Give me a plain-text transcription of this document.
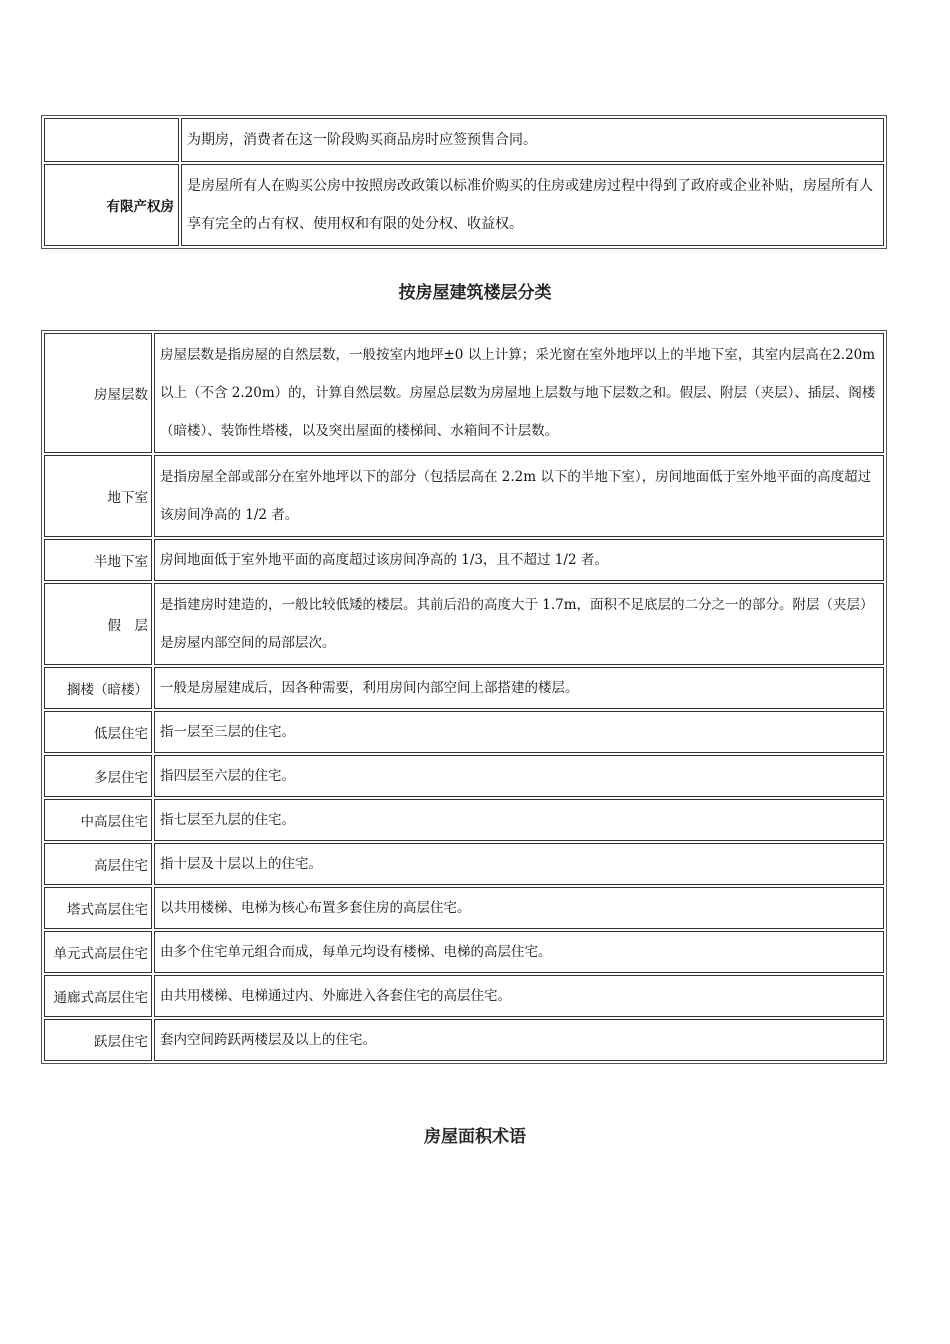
	为期房，消费者在这一阶段购买商品房时应签预售合同。
有限产权房	是房屋所有人在购买公房中按照房改政策以标准价购买的住房或建房过程中得到了政府或企业补贴，房屋所有人享有完全的占有权、使用权和有限的处分权、收益权。
按房屋建筑楼层分类
房屋层数	房屋层数是指房屋的自然层数，一般按室内地坪±0 以上计算；采光窗在室外地坪以上的半地下室，其室内层高在2.20m 以上（不含 2.20m）的，计算自然层数。房屋总层数为房屋地上层数与地下层数之和。假层、附层（夹层）、插层、阁楼（暗楼）、装饰性塔楼，以及突出屋面的楼梯间、水箱间不计层数。
地下室	是指房屋全部或部分在室外地坪以下的部分（包括层高在 2.2m 以下的半地下室），房间地面低于室外地平面的高度超过该房间净高的 1/2 者。
半地下室	房间地面低于室外地平面的高度超过该房间净高的 1/3，且不超过 1/2 者。
假　层	是指建房时建造的，一般比较低矮的楼层。其前后沿的高度大于 1.7m，面积不足底层的二分之一的部分。附层（夹层）是房屋内部空间的局部层次。
搁楼（暗楼）	一般是房屋建成后，因各种需要，利用房间内部空间上部搭建的楼层。
低层住宅	指一层至三层的住宅。
多层住宅	指四层至六层的住宅。
中高层住宅	指七层至九层的住宅。
高层住宅	指十层及十层以上的住宅。
塔式高层住宅	以共用楼梯、电梯为核心布置多套住房的高层住宅。
单元式高层住宅	由多个住宅单元组合而成，每单元均设有楼梯、电梯的高层住宅。
通廊式高层住宅	由共用楼梯、电梯通过内、外廊进入各套住宅的高层住宅。
跃层住宅	套内空间跨跃两楼层及以上的住宅。
房屋面积术语
